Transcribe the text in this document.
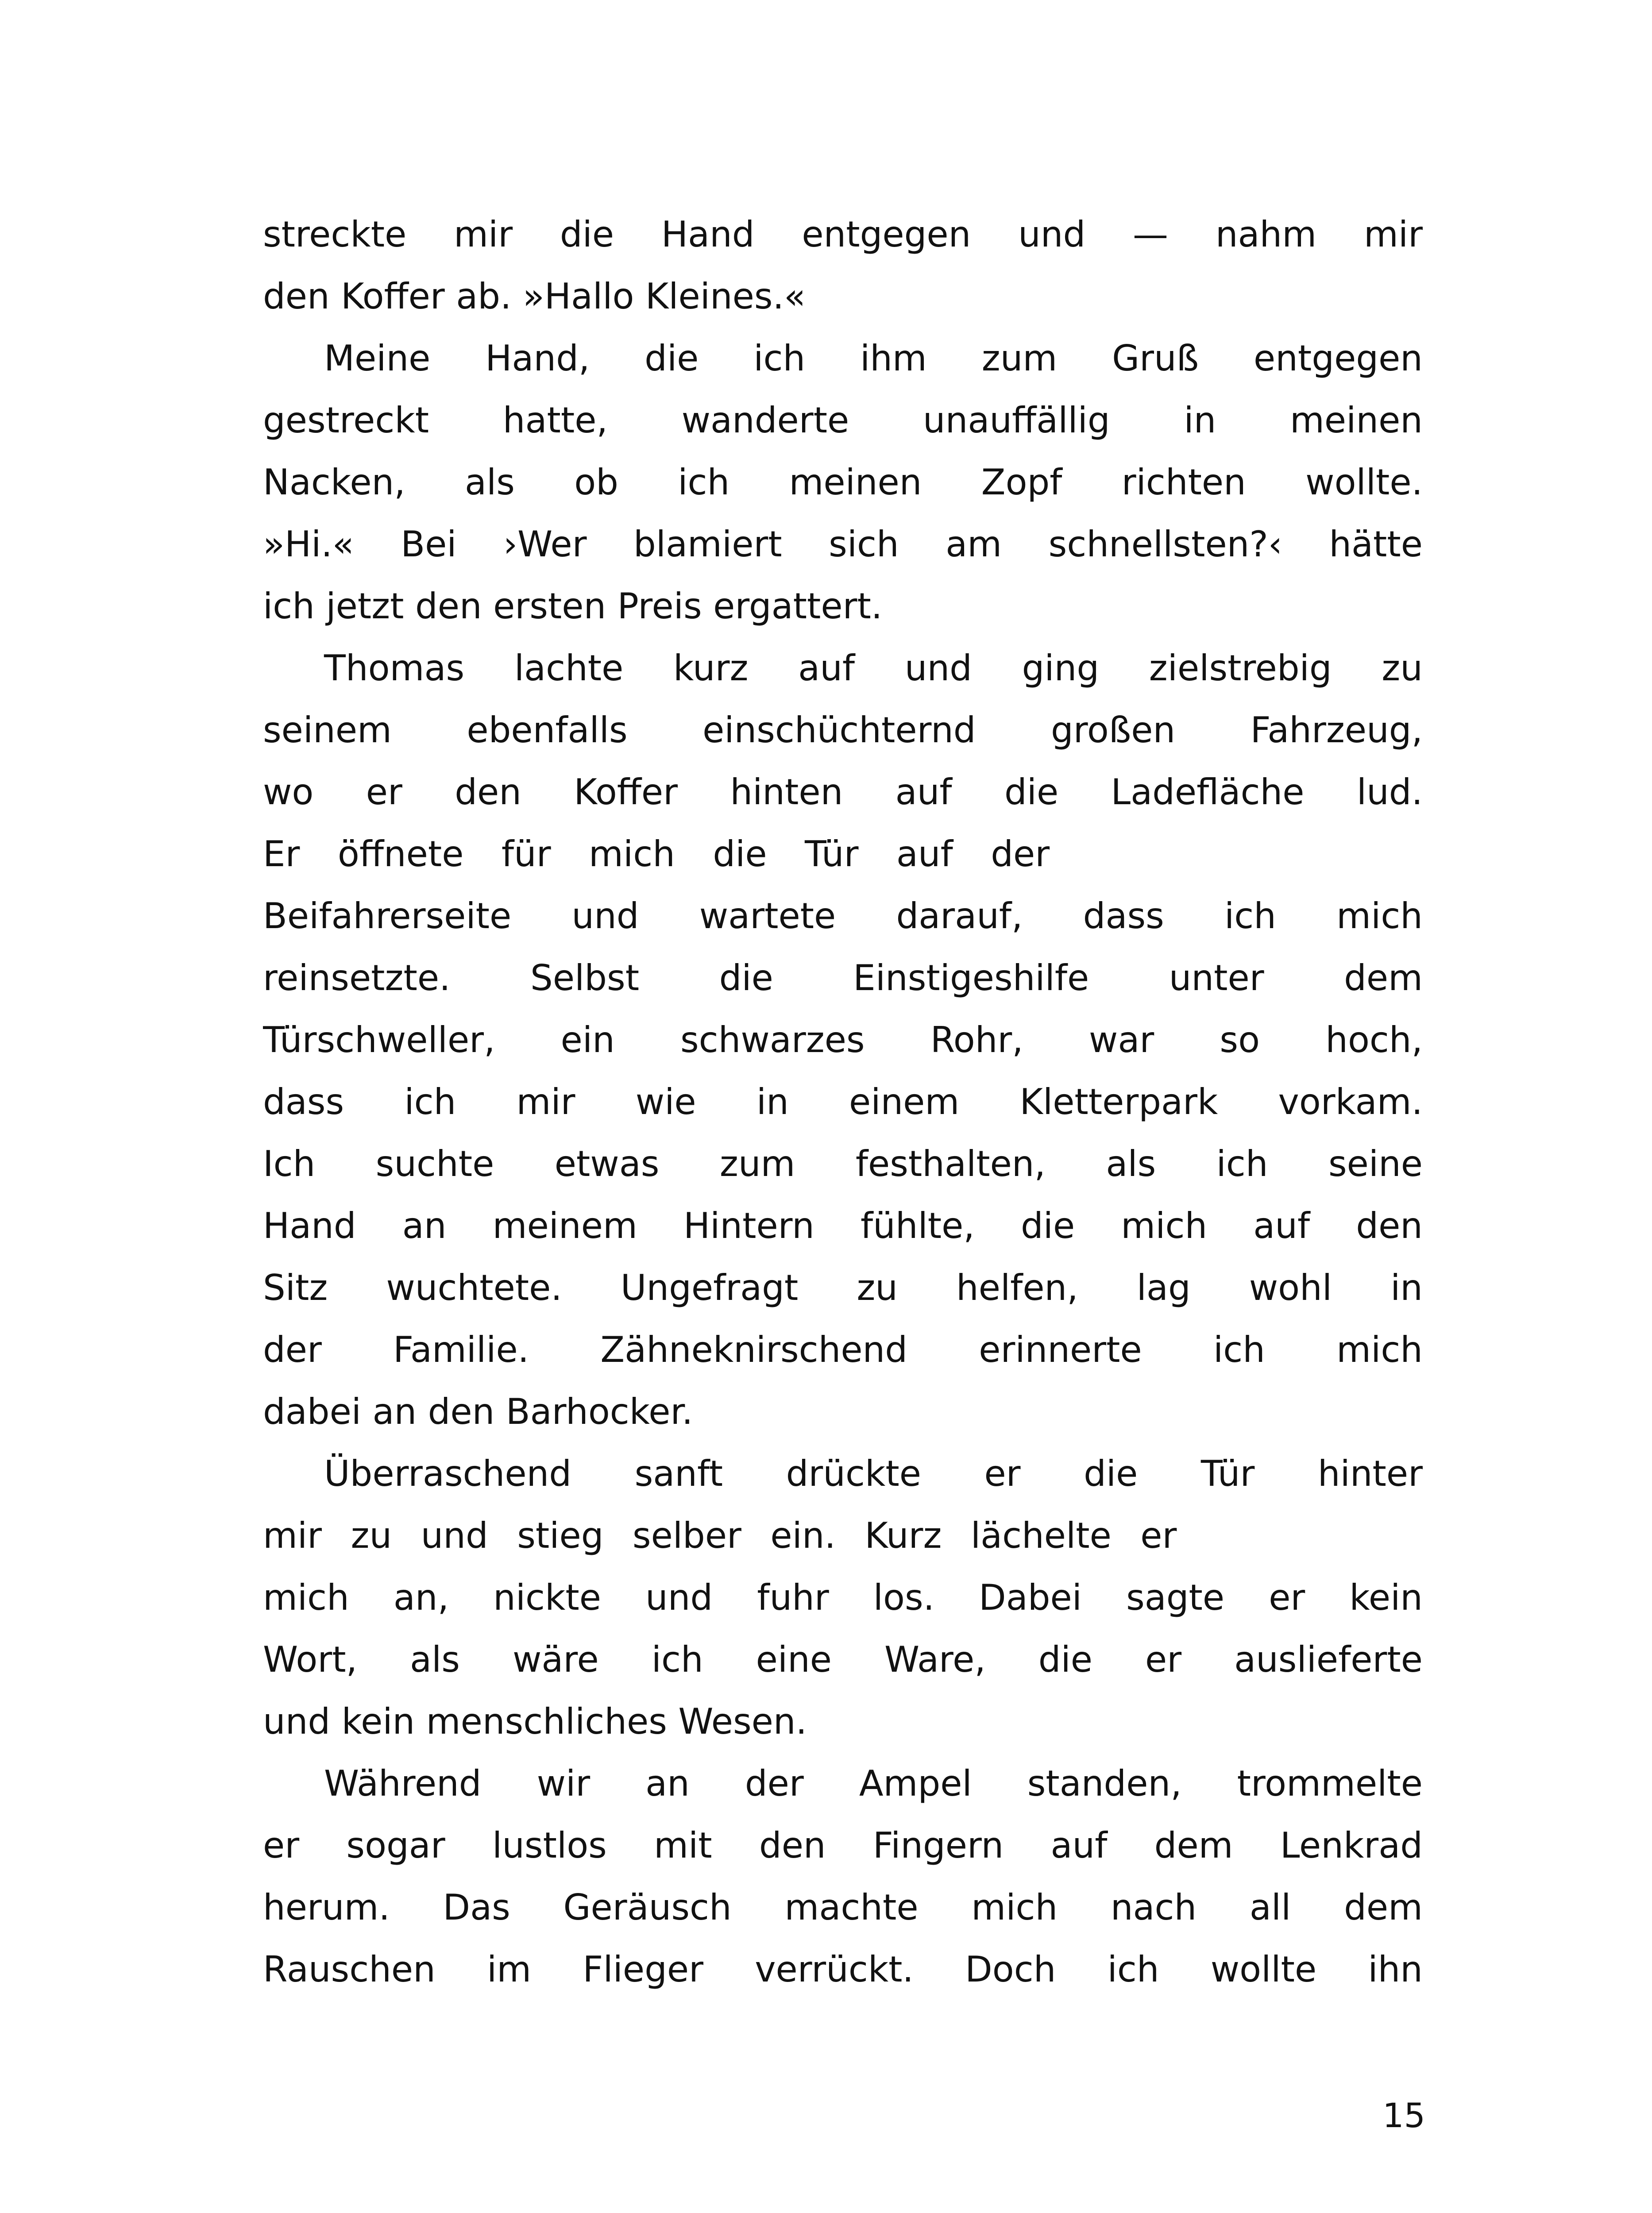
streckte mir die Hand entgegen und — nahm mir
den Koffer ab. »Hallo Kleines.«
Meine Hand, die ich ihm zum Gruß entgegen
gestreckt hatte, wanderte unauffällig in meinen
Nacken, als ob ich meinen Zopf richten wollte.
»Hi.« Bei ›Wer blamiert sich am schnellsten?‹ hätte
ich jetzt den ersten Preis ergattert.
Thomas lachte kurz auf und ging zielstrebig zu
seinem ebenfalls einschüchternd großen Fahrzeug,
wo er den Koffer hinten auf die Ladefläche lud.
Er öffnete für mich die Tür auf der
Beifahrerseite und wartete darauf, dass ich mich
reinsetzte. Selbst die Einstigeshilfe unter dem
Türschweller, ein schwarzes Rohr, war so hoch,
dass ich mir wie in einem Kletterpark vorkam.
Ich suchte etwas zum festhalten, als ich seine
Hand an meinem Hintern fühlte, die mich auf den
Sitz wuchtete. Ungefragt zu helfen, lag wohl in
der Familie. Zähneknirschend erinnerte ich mich
dabei an den Barhocker.
Überraschend sanft drückte er die Tür hinter
mir zu und stieg selber ein. Kurz lächelte er
mich an, nickte und fuhr los. Dabei sagte er kein
Wort, als wäre ich eine Ware, die er auslieferte
und kein menschliches Wesen.
Während wir an der Ampel standen, trommelte
er sogar lustlos mit den Fingern auf dem Lenkrad
herum. Das Geräusch machte mich nach all dem
Rauschen im Flieger verrückt. Doch ich wollte ihn
15
